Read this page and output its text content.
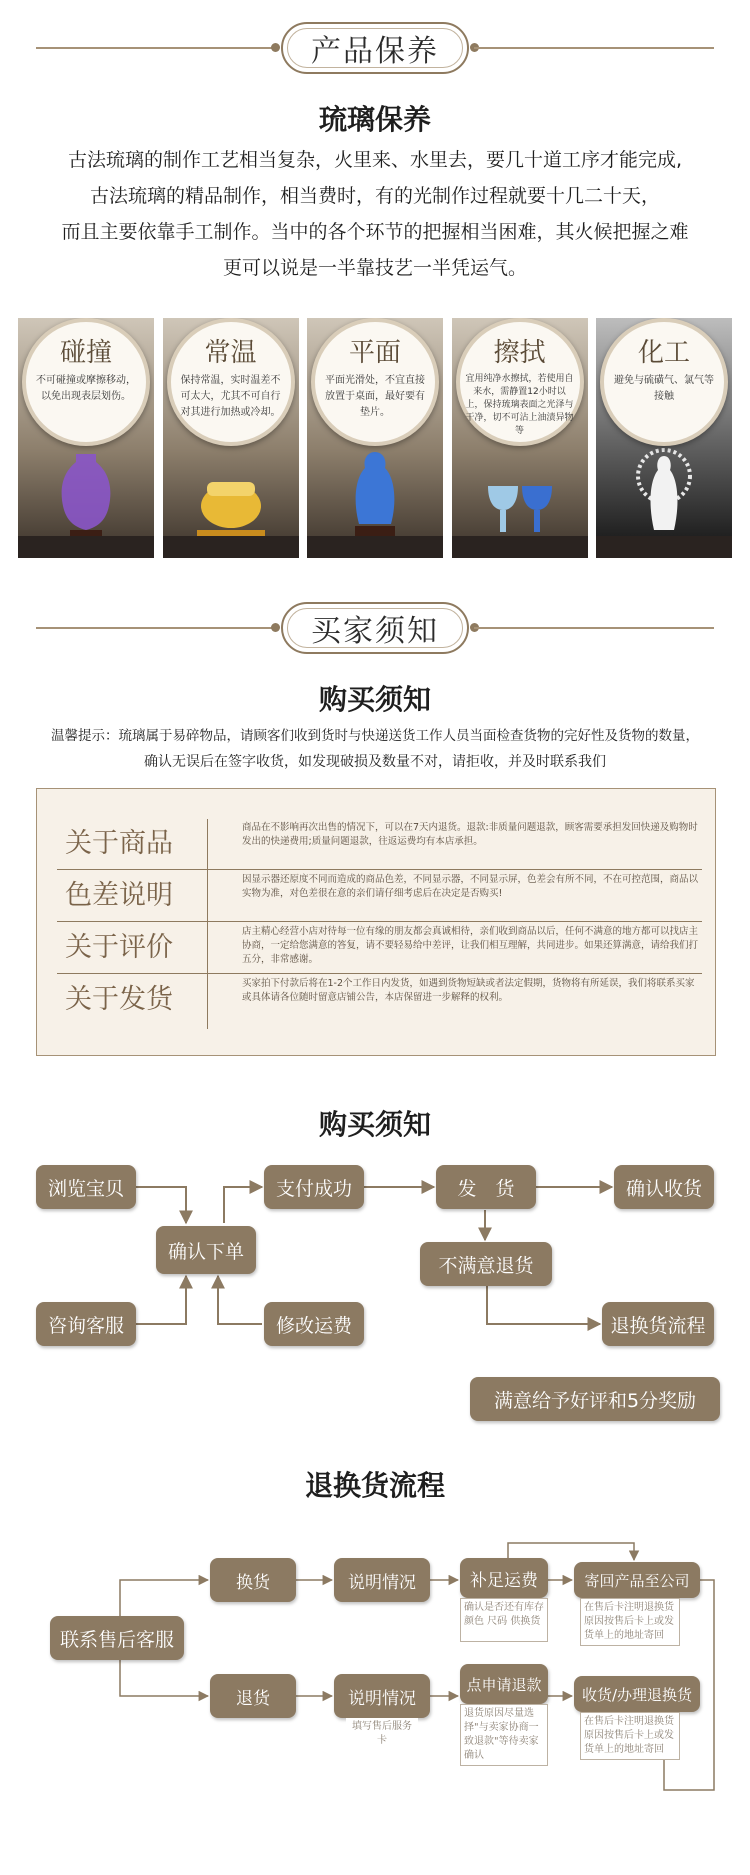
产品保养
琉璃保养
古法琉璃的制作工艺相当复杂，火里来、水里去，要几十道工序才能完成,
古法琉璃的精品制作，相当费时，有的光制作过程就要十几二十天，
而且主要依靠手工制作。当中的各个环节的把握相当困难，其火候把握之难
更可以说是一半靠技艺一半凭运气。
碰撞
不可碰撞或摩擦移动，以免出现表层划伤。
常温
保持常温，实时温差不可太大，尤其不可自行对其进行加热或冷却。
平面
平面光滑处，不宜直接放置于桌面，最好要有垫片。
擦拭
宜用纯净水擦拭，若使用自来水，需静置12小时以上，保持琉璃表面之光泽与干净，切不可沾上油渍异物等
化工
避免与硫磺气、氯气等接触
买家须知
购买须知
温馨提示：琉璃属于易碎物品，请顾客们收到货时与快递送货工作人员当面检查货物的完好性及货物的数量，
确认无误后在签字收货，如发现破损及数量不对，请拒收，并及时联系我们
关于商品
商品在不影响再次出售的情况下，可以在7天内退货。退款:非质量问题退款，顾客需要承担发回快递及购物时发出的快递费用;质量问题退款，往返运费均有本店承担。
色差说明
因显示器还原度不同而造成的商品色差，不同显示器，不同显示屏，色差会有所不同，不在可控范围，商品以实物为准，对色差很在意的亲们请仔细考虑后在决定是否购买!
关于评价
店主精心经营小店对待每一位有缘的朋友都会真诚相待，亲们收到商品以后，任何不满意的地方都可以找店主协商，一定给您满意的答复，请不要轻易给中差评，让我们相互理解，共同进步。如果还算满意，请给我们打五分，非常感谢。
关于发货
买家拍下付款后将在1-2个工作日内发货，如遇到货物短缺或者法定假期，货物将有所延误，我们将联系买家或具体请各位随时留意店铺公告，本店保留进一步解释的权利。
购买须知
浏览宝贝
咨询客服
确认下单
支付成功
修改运费
发　货	确认收货
不满意退货
退换货流程
满意给予好评和5分奖励
退换货流程
联系售后客服
换货
退货
说明情况
说明情况
补足运费
点申请退款
寄回产品至公司
收货/办理退换货
确认是否还有库存颜色 尺码 供换货
填写售后服务卡
退货原因尽量选择"与卖家协商一致退款"等待卖家确认
在售后卡注明退换货原因按售后卡上或发货单上的地址寄回
在售后卡注明退换货原因按售后卡上或发货单上的地址寄回
